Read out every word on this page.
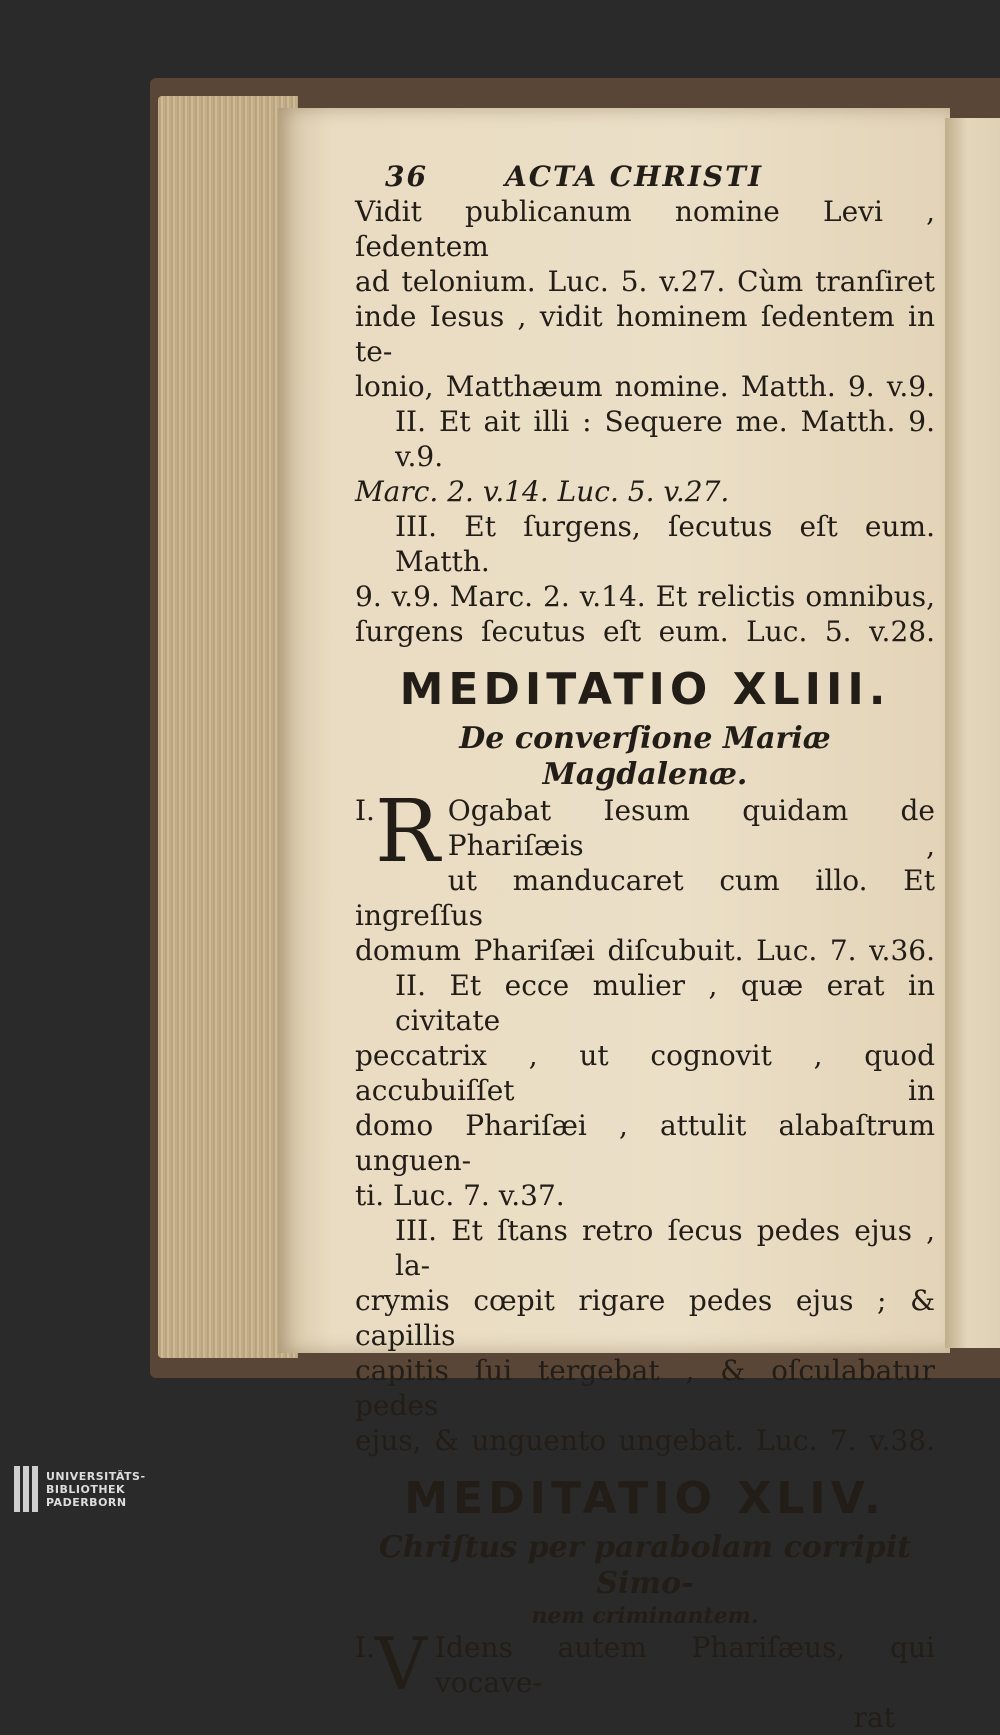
36	ACTA CHRISTI
Vidit publicanum nomine Levi , ſedentem
ad telonium. Luc. 5. v.27. Cùm tranſiret
inde Iesus , vidit hominem ſedentem in te-
lonio, Matthæum nomine. Matth. 9. v.9.
II. Et ait illi : Sequere me. Matth. 9. v.9.
Marc. 2. v.14. Luc. 5. v.27.
III. Et ſurgens, ſecutus eſt eum. Matth.
9. v.9. Marc. 2. v.14. Et relictis omnibus,
ſurgens ſecutus eſt eum. Luc. 5. v.28.
MEDITATIO XLIII.
De converſione Mariæ Magdalenæ.
I. R Ogabat Iesum quidam de Phariſæis ,
ut manducaret cum illo. Et ingreſſus
domum Phariſæi diſcubuit. Luc. 7. v.36.
II. Et ecce mulier , quæ erat in civitate
peccatrix , ut cognovit , quod accubuiſſet in
domo Phariſæi , attulit alabaſtrum unguen-
ti. Luc. 7. v.37.
III. Et ſtans retro ſecus pedes ejus , la-
crymis cœpit rigare pedes ejus ; & capillis
capitis ſui tergebat , & oſculabatur pedes
ejus, & unguento ungebat. Luc. 7. v.38.
MEDITATIO XLIV.
Chriſtus per parabolam corripit Simo-
nem criminantem.
I. V Idens autem Phariſæus, qui vocave-
rat
UNIVERSITÄTS-
BIBLIOTHEK
PADERBORN
